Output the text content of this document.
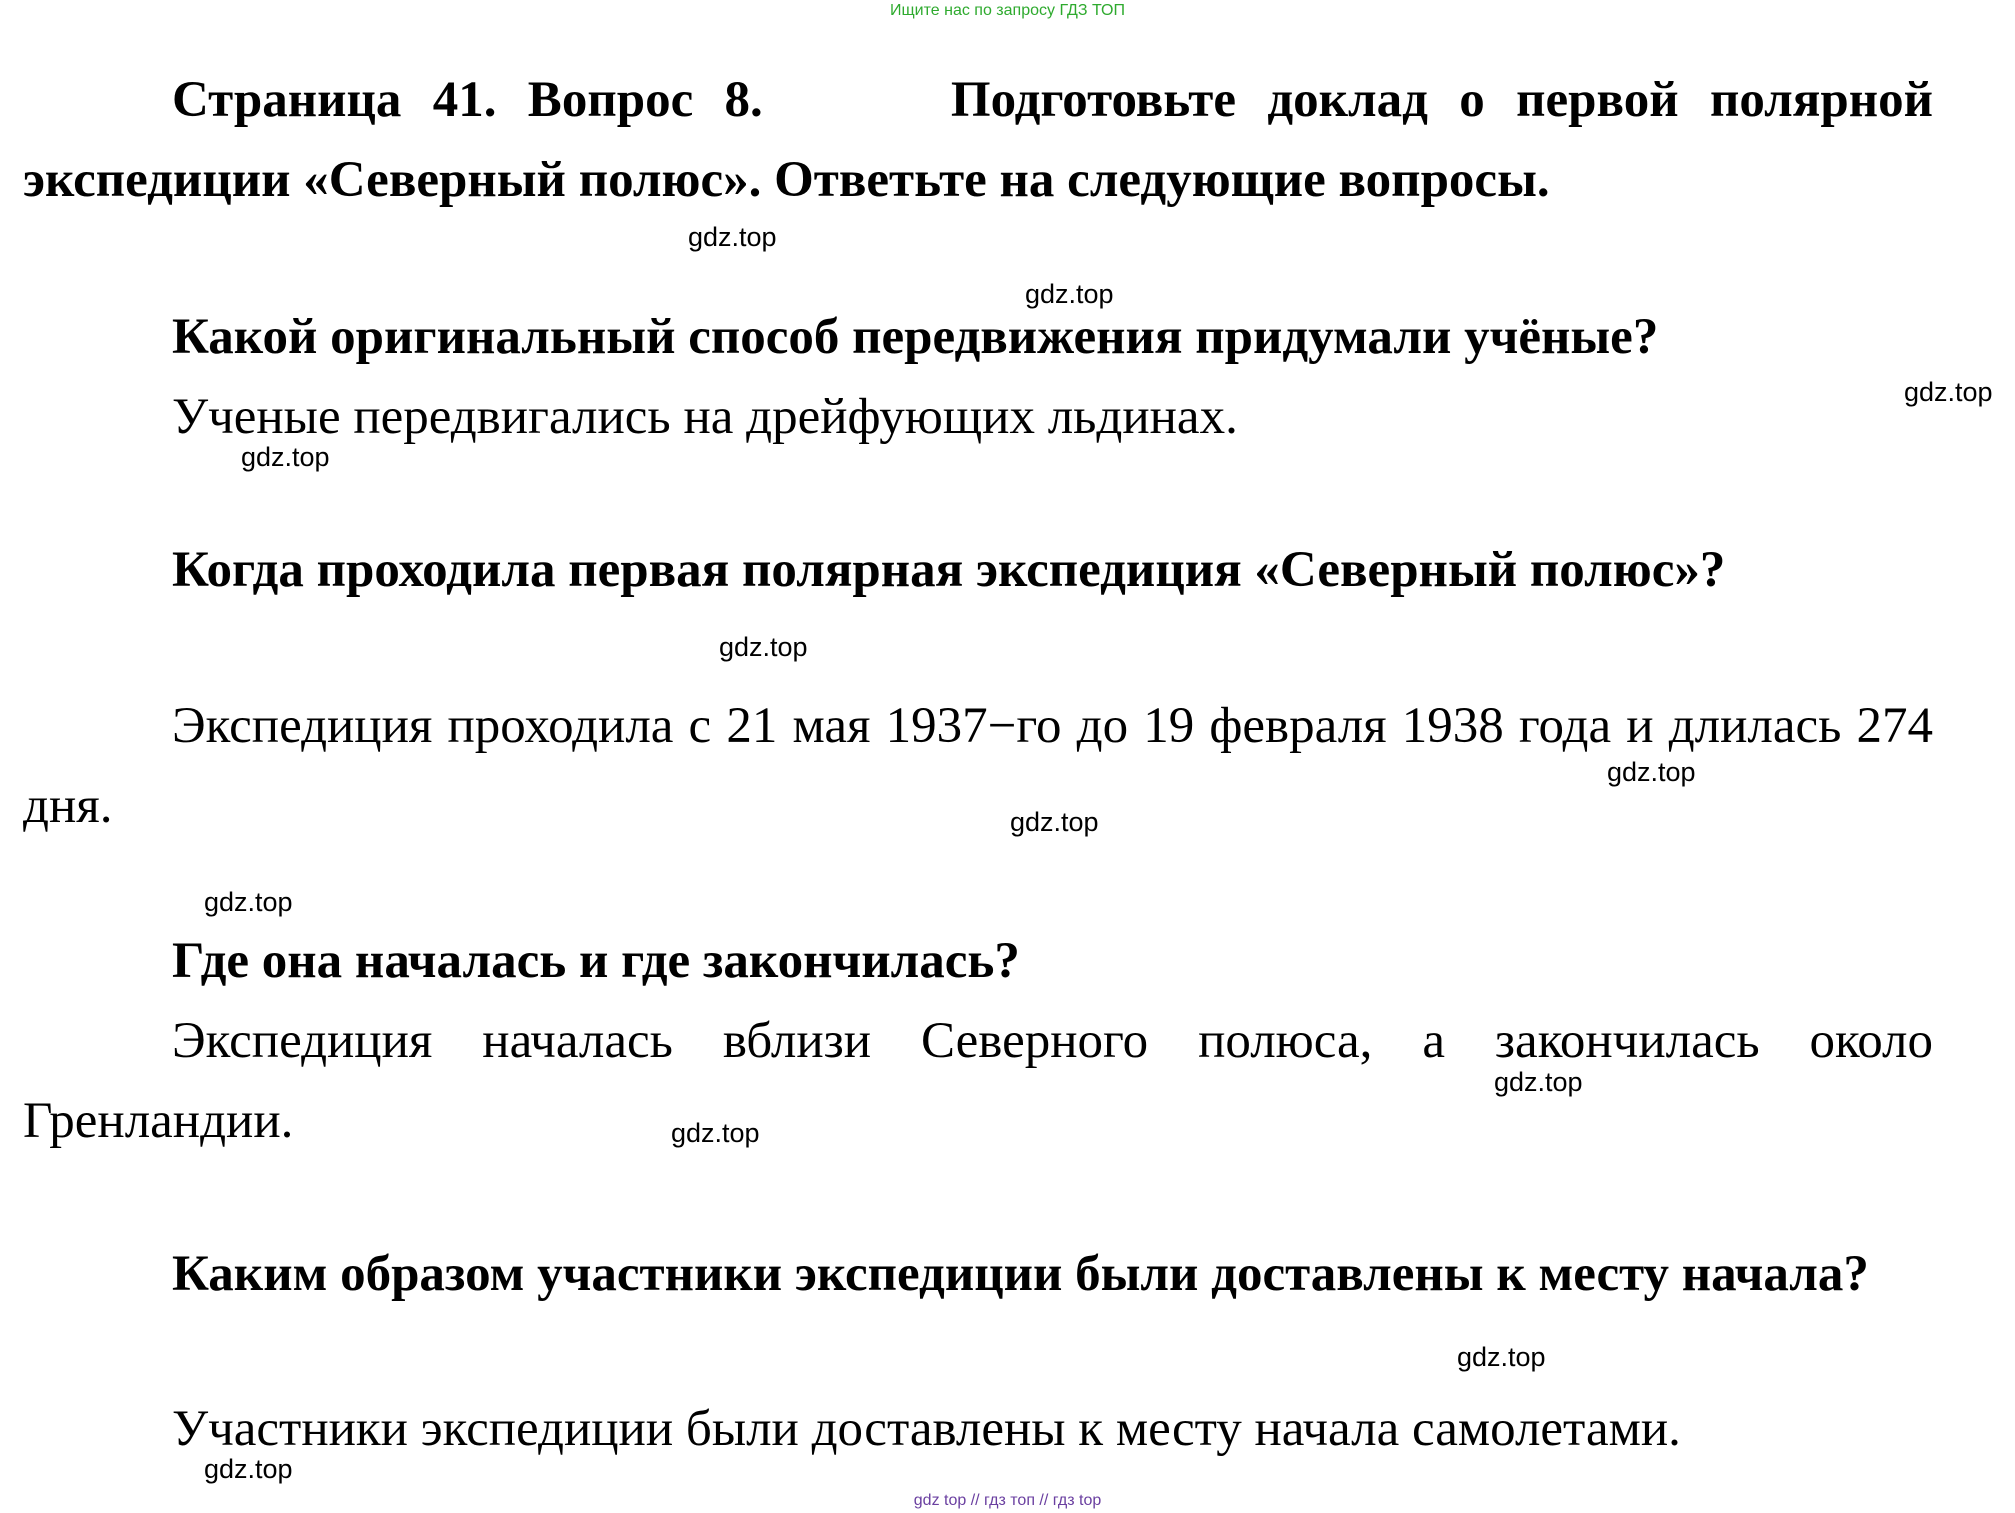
Ищите нас по запросу ГДЗ ТОП

Страница 41. Вопрос 8.	Подготовьте доклад о первой полярной экспедиции «Северный полюс». Ответьте на следующие вопросы.

Какой оригинальный способ передвижения придумали учёные?

Ученые передвигались на дрейфующих льдинах.

Когда проходила первая полярная экспедиция «Северный полюс»?

Экспедиция проходила с 21 мая 1937−го до 19 февраля 1938 года и длилась 274 дня.

Где она началась и где закончилась?

Экспедиция началась вблизи Северного полюса, а закончилась около Гренландии.

Каким образом участники экспедиции были доставлены к месту начала?

Участники экспедиции были доставлены к месту начала самолетами.

gdz.top
gdz.top
gdz.top
gdz.top
gdz.top
gdz.top
gdz.top
gdz.top
gdz.top
gdz.top
gdz.top
gdz.top
gdz top // гдз топ // гдз top
